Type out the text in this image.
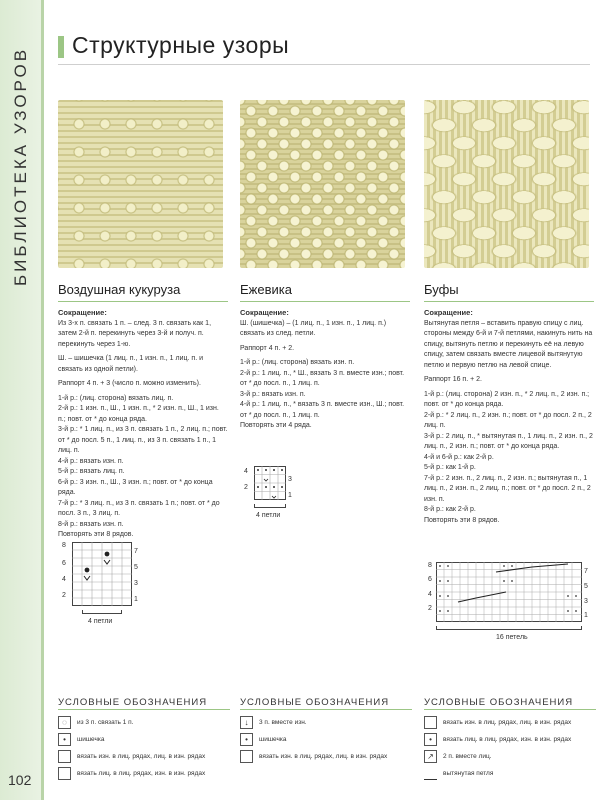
БИБЛИОТЕКА УЗОРОВ
102
Структурные узоры
Воздушная кукуруза
Сокращение:
Из 3-х п. связать 1 п. – след. 3 п. связать как 1, затем 2-й п. перекинуть через 3-й и получ. п. перекинуть через 1-ю.
Ш. – шишечка (1 лиц. п., 1 изн. п., 1 лиц. п. и связать из одной петли).
Раппорт 4 п. + 3 (число п. можно изменить).
1-й р.: (лиц. сторона) вязать лиц. п.
2-й р.: 1 изн. п., Ш., 1 изн. п., * 2 изн. п., Ш., 1 изн. п.; повт. от * до конца ряда.
3-й р.: * 1 лиц. п., из 3 п. связать 1 п., 2 лиц. п.; повт. от * до посл. 5 п., 1 лиц. п., из 3 п. связать 1 п., 1 лиц. п.
4-й р.: вязать изн. п.
5-й р.: вязать лиц. п.
6-й р.: 3 изн. п., Ш., 3 изн. п.; повт. от * до конца ряда.
7-й р.: * 3 лиц. п., из 3 п. связать 1 п.; повт. от * до посл. 3 п., 3 лиц. п.
8-й р.: вязать изн. п.
Повторять эти 8 рядов.
Ежевика
Сокращение:
Ш. (шишечка) – (1 лиц. п., 1 изн. п., 1 лиц. п.) связать из след. петли.
Раппорт 4 п. + 2.
1-й р.: (лиц. сторона) вязать изн. п.
2-й р.: 1 лиц. п., * Ш., вязать 3 п. вместе изн.; повт. от * до посл. п., 1 лиц. п.
3-й р.: вязать изн. п.
4-й р.: 1 лиц. п., * вязать 3 п. вместе изн., Ш.; повт. от * до посл. п., 1 лиц. п.
Повторять эти 4 ряда.
Буфы
Сокращение:
Вытянутая петля – вставить правую спицу с лиц. стороны между 6-й и 7-й петлями, накинуть нить на спицу, вытянуть петлю и перекинуть её на левую спицу, затем связать вместе лицевой вытянутую петлю и первую петлю на левой спице.
Раппорт 16 п. + 2.
1-й р.: (лиц. сторона) 2 изн. п., * 2 лиц. п., 2 изн. п.; повт. от * до конца ряда.
2-й р.: * 2 лиц. п., 2 изн. п.; повт. от * до посл. 2 п., 2 лиц. п.
3-й р.: 2 лиц. п., * вытянутая п., 1 лиц. п., 2 изн. п., 2 лиц. п., 2 изн. п.; повт. от * до конца ряда.
4-й и 6-й р.: как 2-й р.
5-й р.: как 1-й р.
7-й р.: 2 изн. п., 2 лиц. п., 2 изн. п.; вытянутая п., 1 лиц. п., 2 изн. п., 2 лиц. п.; повт. от * до посл. 2 п., 2 изн. п.
8-й р.: как 2-й р.
Повторять эти 8 рядов.
8
7
6
5
4
3
2
1
4 петли
4
3
2
1
4 петли
8
7
6
5
4
3
2
1
16 петель
УСЛОВНЫЕ ОБОЗНАЧЕНИЯ
◌	из 3 п. связать 1 п.
•	шишечка
вязать изн. в лиц. рядах, лиц. в изн. рядах
вязать лиц. в лиц. рядах, изн. в изн. рядах
УСЛОВНЫЕ ОБОЗНАЧЕНИЯ
↓	3 п. вместе изн.
•	шишечка
вязать изн. в лиц. рядах, лиц. в изн. рядах
УСЛОВНЫЕ ОБОЗНАЧЕНИЯ
вязать изн. в лиц. рядах, лиц. в изн. рядах
•	вязать лиц. в лиц. рядах, изн. в изн. рядах
↗	2 п. вместе лиц.
вытянутая петля
